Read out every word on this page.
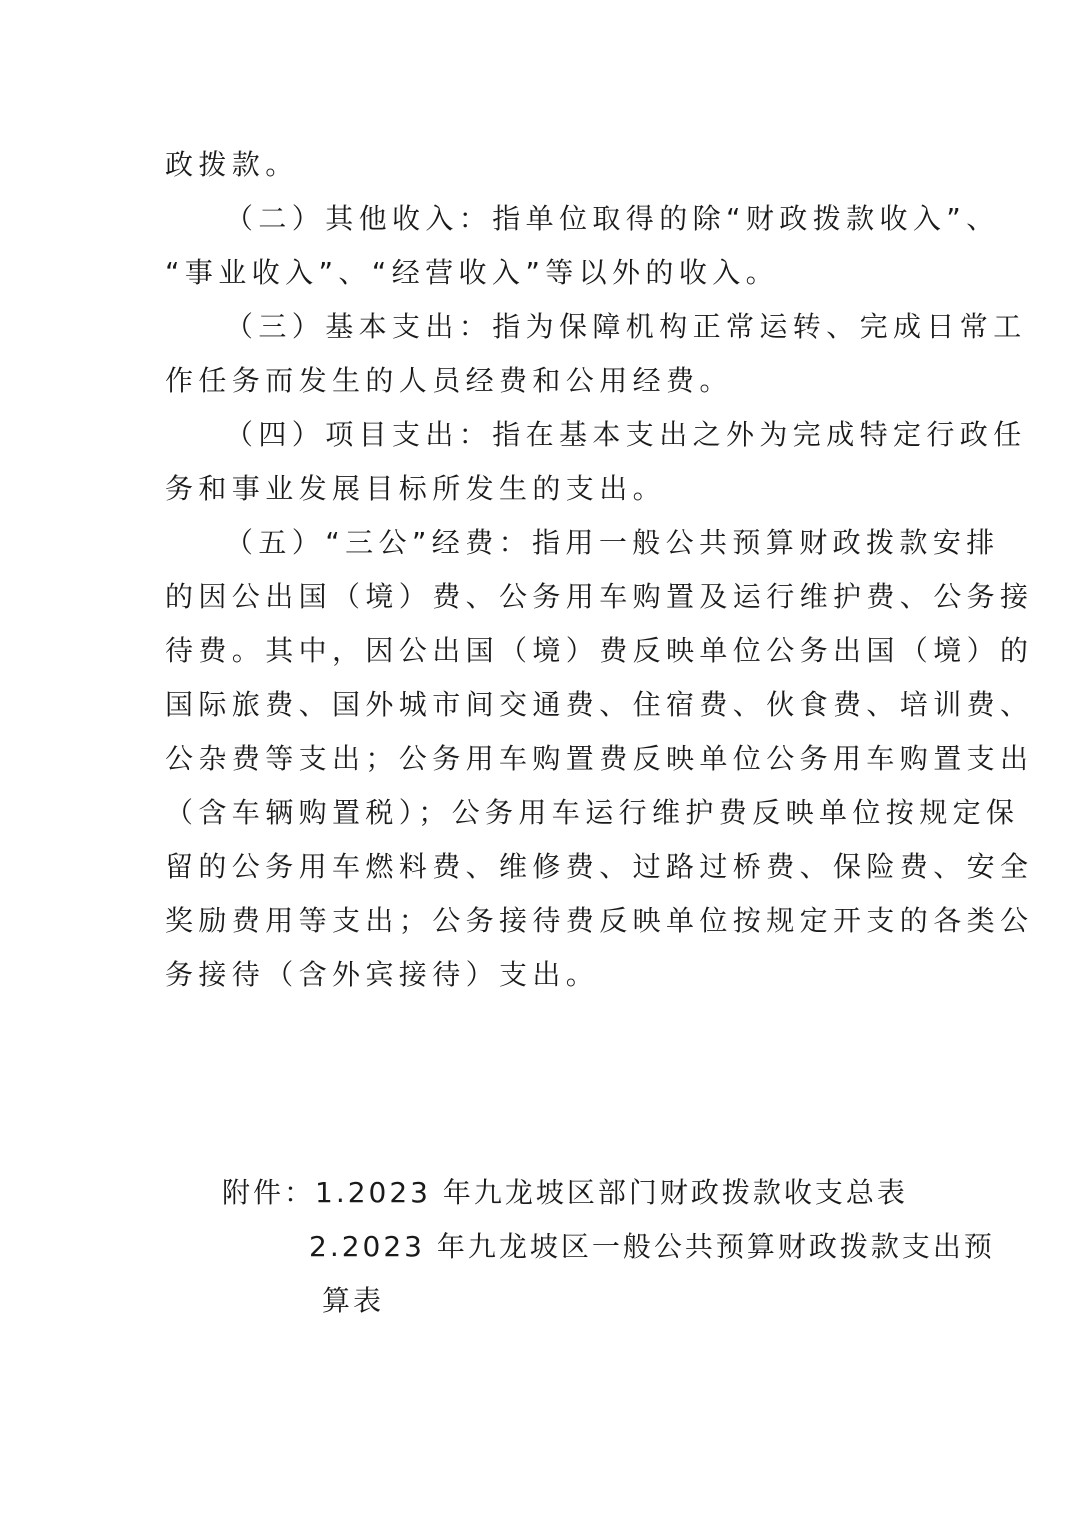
政拨款。
（二）其他收入：指单位取得的除“财政拨款收入”、
“事业收入”、“经营收入”等以外的收入。
（三）基本支出：指为保障机构正常运转、完成日常工
作任务而发生的人员经费和公用经费。
（四）项目支出：指在基本支出之外为完成特定行政任
务和事业发展目标所发生的支出。
（五）“三公”经费：指用一般公共预算财政拨款安排
的因公出国（境）费、公务用车购置及运行维护费、公务接
待费。其中，因公出国（境）费反映单位公务出国（境）的
国际旅费、国外城市间交通费、住宿费、伙食费、培训费、
公杂费等支出；公务用车购置费反映单位公务用车购置支出
（含车辆购置税）；公务用车运行维护费反映单位按规定保
留的公务用车燃料费、维修费、过路过桥费、保险费、安全
奖励费用等支出；公务接待费反映单位按规定开支的各类公
务接待（含外宾接待）支出。
附件：1.2023 年九龙坡区部门财政拨款收支总表
2.2023 年九龙坡区一般公共预算财政拨款支出预
算表
